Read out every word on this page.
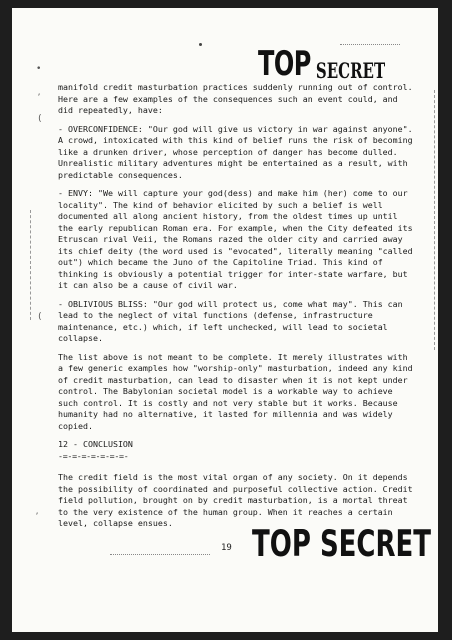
•
⸴
(
(
⸴
TOP SECRET

manifold credit masturbation practices suddenly running out of control. Here are a few examples of the consequences such an event could, and did repeatedly, have:

- OVERCONFIDENCE: "Our god will give us victory in war against anyone". A crowd, intoxicated with this kind of belief runs the risk of becoming like a drunken driver, whose perception of danger has become dulled. Unrealistic military adventures might be entertained as a result, with predictable consequences.

- ENVY: "We will capture your god(dess) and make him (her) come to our locality". The kind of behavior elicited by such a belief is well documented all along ancient history, from the oldest times up until the early republican Roman era. For example, when the City defeated its Etruscan rival Veii, the Romans razed the older city and carried away its chief deity (the word used is "evocated", literally meaning "called out") which became the Juno of the Capitoline Triad. This kind of thinking is obviously a potential trigger for inter-state warfare, but it can also be a cause of civil war.

- OBLIVIOUS BLISS: "Our god will protect us, come what may". This can lead to the neglect of vital functions (defense, infrastructure maintenance, etc.) which, if left unchecked, will lead to societal collapse.

The list above is not meant to be complete. It merely illustrates with a few generic examples how "worship-only" masturbation, indeed any kind of credit masturbation, can lead to disaster when it is not kept under control. The Babylonian societal model is a workable way to achieve such control. It is costly and not very stable but it works. Because humanity had no alternative, it lasted for millennia and was widely copied.

12 - CONCLUSION

-=-=-=-=-=-=-=-

The credit field is the most vital organ of any society. On it depends the possibility of coordinated and purposeful collective action. Credit field pollution, brought on by credit masturbation, is a mortal threat to the very existence of the human group. When it reaches a certain level, collapse ensues.

19 TOP SECRET
